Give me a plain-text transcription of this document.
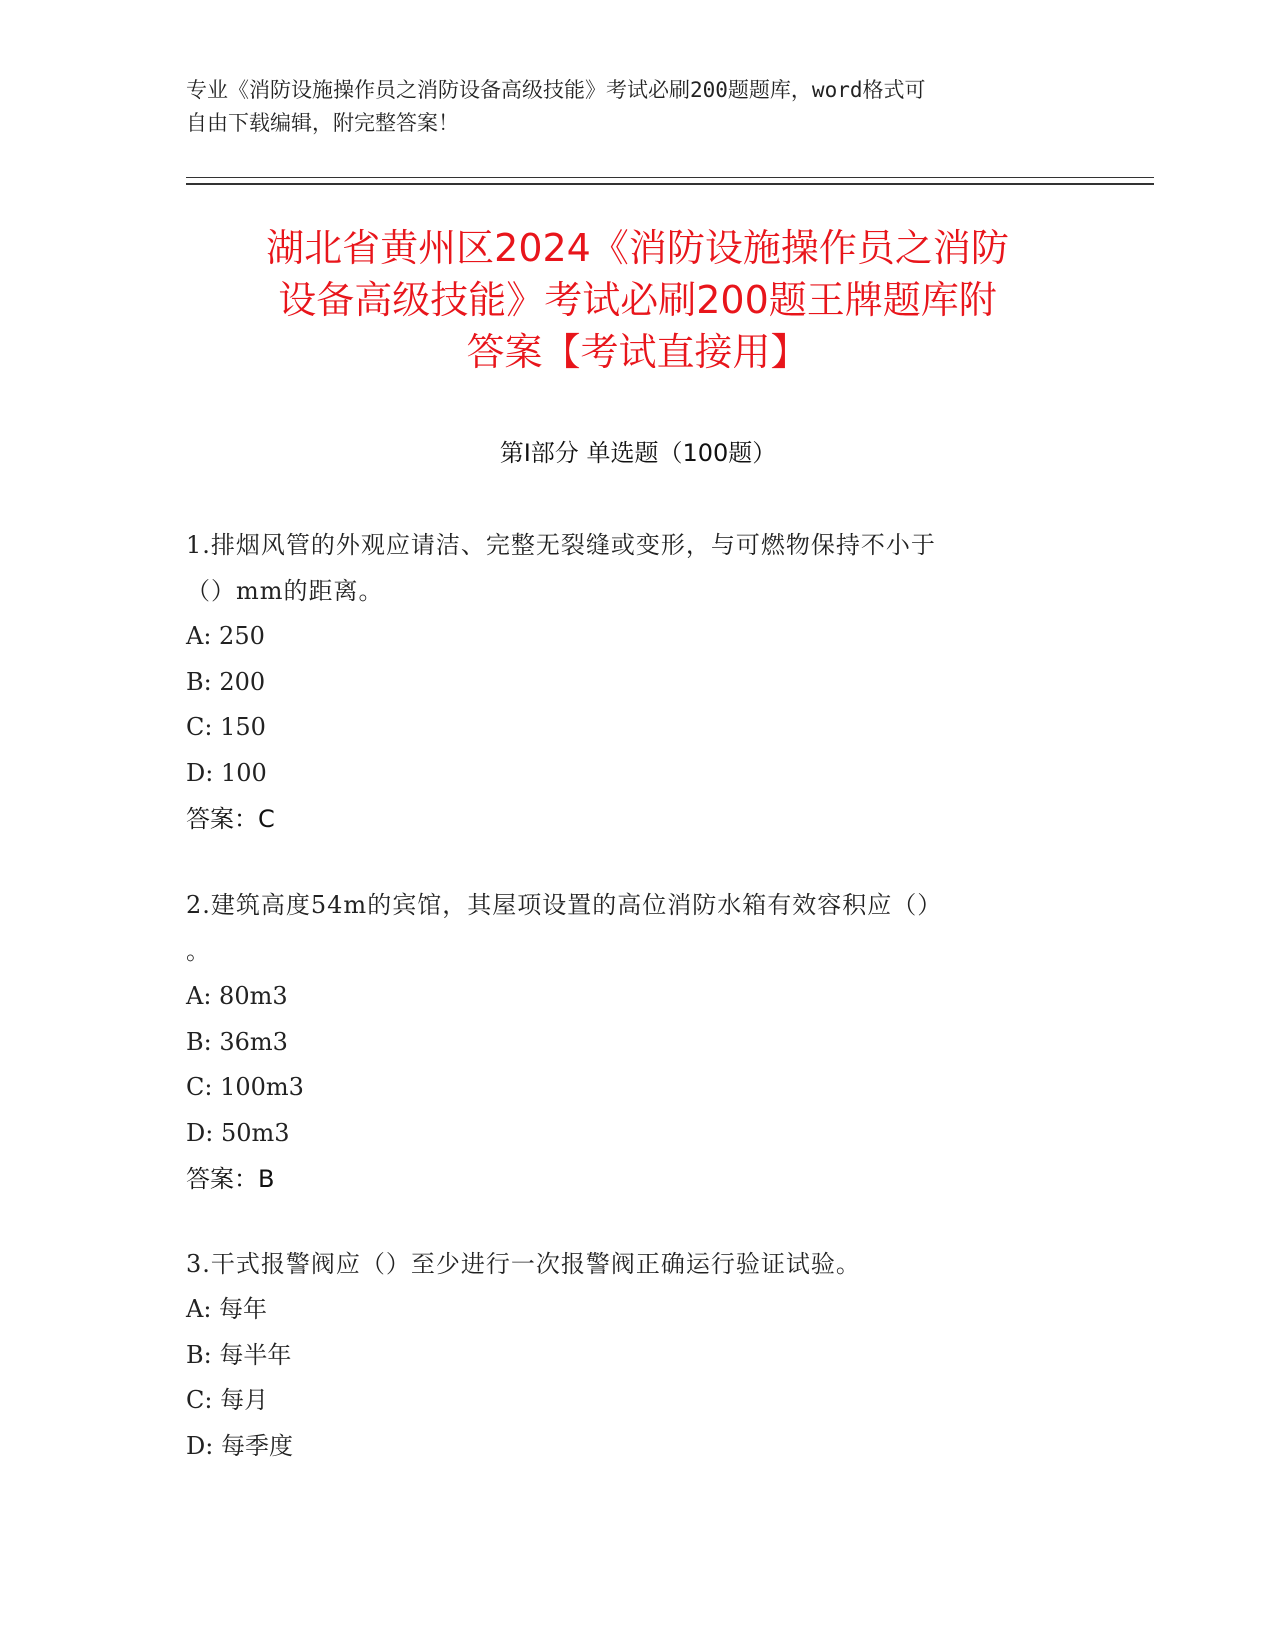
专业《消防设施操作员之消防设备高级技能》考试必刷200题题库，word格式可
自由下载编辑，附完整答案！
湖北省黄州区2024《消防设施操作员之消防
设备高级技能》考试必刷200题王牌题库附
答案【考试直接用】
第I部分 单选题（100题）
1.排烟风管的外观应请洁、完整无裂缝或变形，与可燃物保持不小于
（）mm的距离。
A: 250
B: 200
C: 150
D: 100
答案：C
2.建筑高度54m的宾馆，其屋项设置的高位消防水箱有效容积应（）
。
A: 80m3
B: 36m3
C: 100m3
D: 50m3
答案：B
3.干式报警阀应（）至少进行一次报警阀正确运行验证试验。
A: 每年
B: 每半年
C: 每月
D: 每季度
